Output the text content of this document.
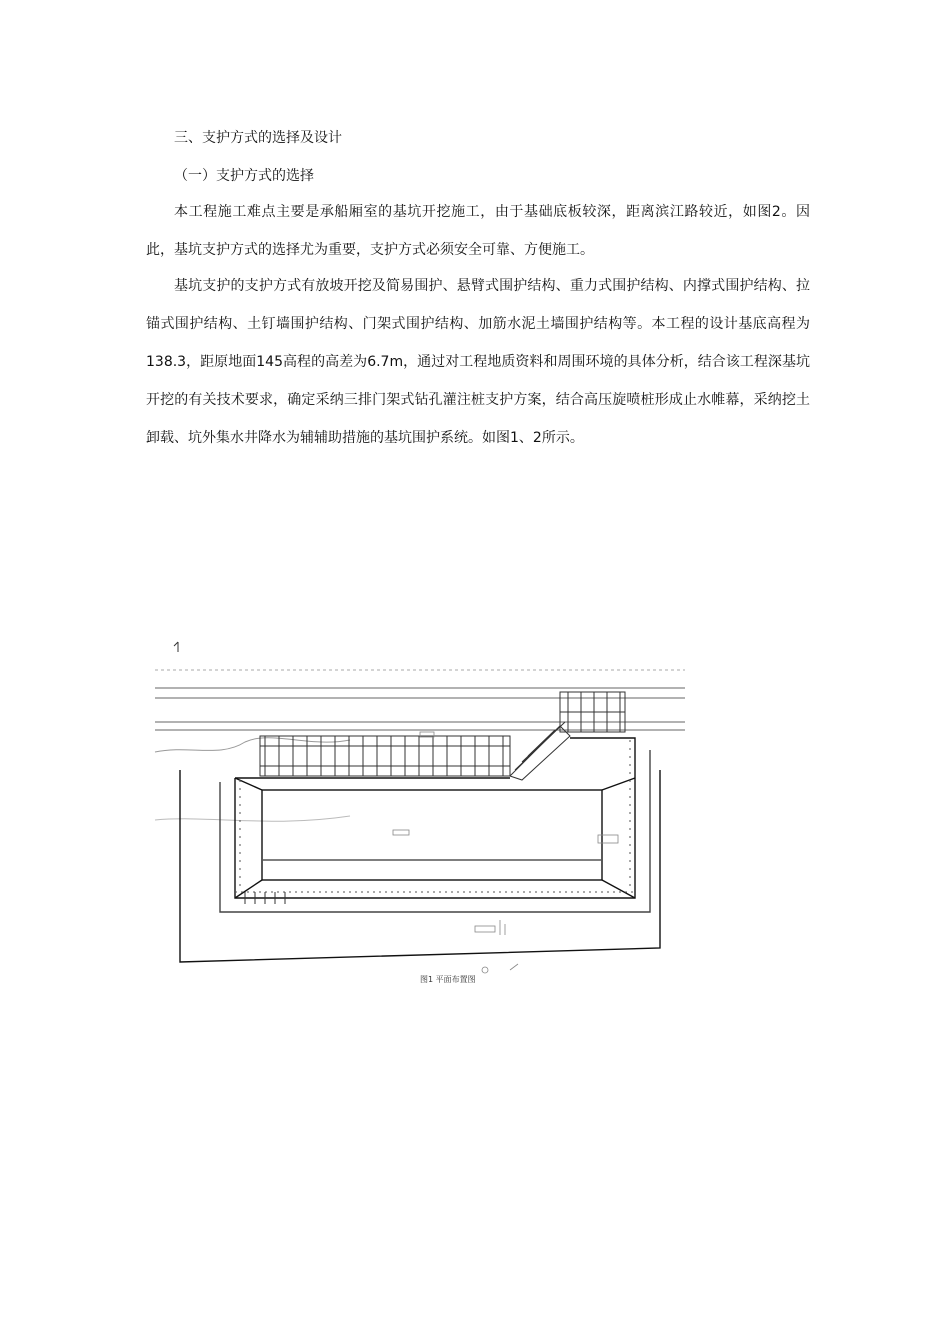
三、支护方式的选择及设计
（一）支护方式的选择

本工程施工难点主要是承船厢室的基坑开挖施工，由于基础底板较深，距离滨江路较近，如图2。因此，基坑支护方式的选择尤为重要，支护方式必须安全可靠、方便施工。

基坑支护的支护方式有放坡开挖及简易围护、悬臂式围护结构、重力式围护结构、内撑式围护结构、拉锚式围护结构、土钉墙围护结构、门架式围护结构、加筋水泥土墙围护结构等。本工程的设计基底高程为138.3，距原地面145高程的高差为6.7m，通过对工程地质资料和周围环境的具体分析，结合该工程深基坑开挖的有关技术要求，确定采纳三排门架式钻孔灌注桩支护方案，结合高压旋喷桩形成止水帷幕，采纳挖土卸载、坑外集水井降水为辅辅助措施的基坑围护系统。如图1、2所示。

图1 平面布置图
